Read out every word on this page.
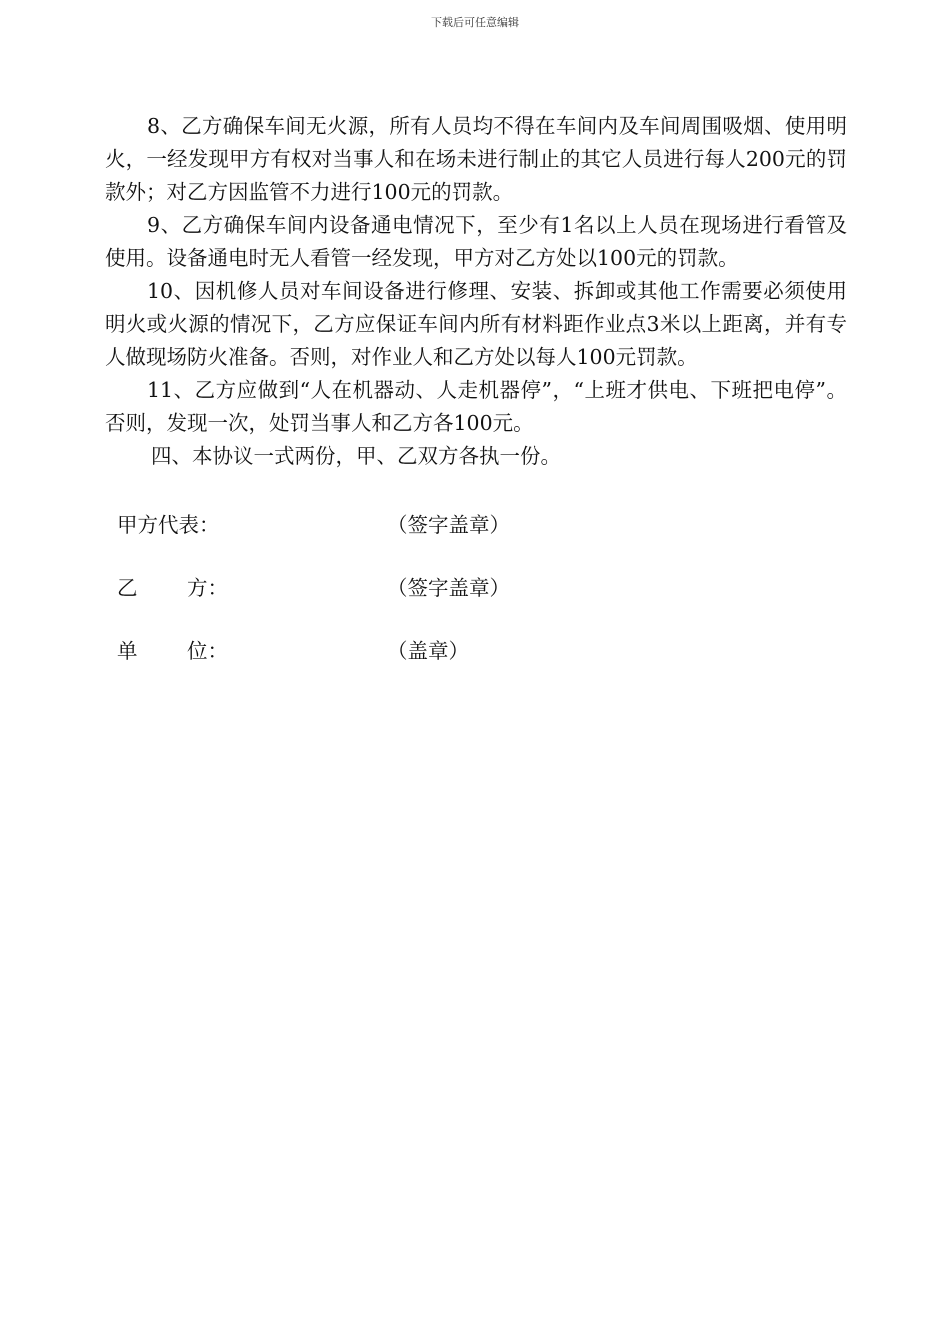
下载后可任意编辑

8、乙方确保车间无火源，所有人员均不得在车间内及车间周围吸烟、使用明火，一经发现甲方有权对当事人和在场未进行制止的其它人员进行每人200元的罚款外；对乙方因监管不力进行100元的罚款。

9、乙方确保车间内设备通电情况下，至少有1名以上人员在现场进行看管及使用。设备通电时无人看管一经发现，甲方对乙方处以100元的罚款。

10、因机修人员对车间设备进行修理、安装、拆卸或其他工作需要必须使用明火或火源的情况下，乙方应保证车间内所有材料距作业点3米以上距离，并有专人做现场防火准备。否则，对作业人和乙方处以每人100元罚款。

11、乙方应做到“人在机器动、人走机器停”，“上班才供电、下班把电停”。否则，发现一次，处罚当事人和乙方各100元。

四、本协议一式两份，甲、乙双方各执一份。

甲方代表：	（签字盖章）
乙 方：	（签字盖章）
单 位：	（盖章）
